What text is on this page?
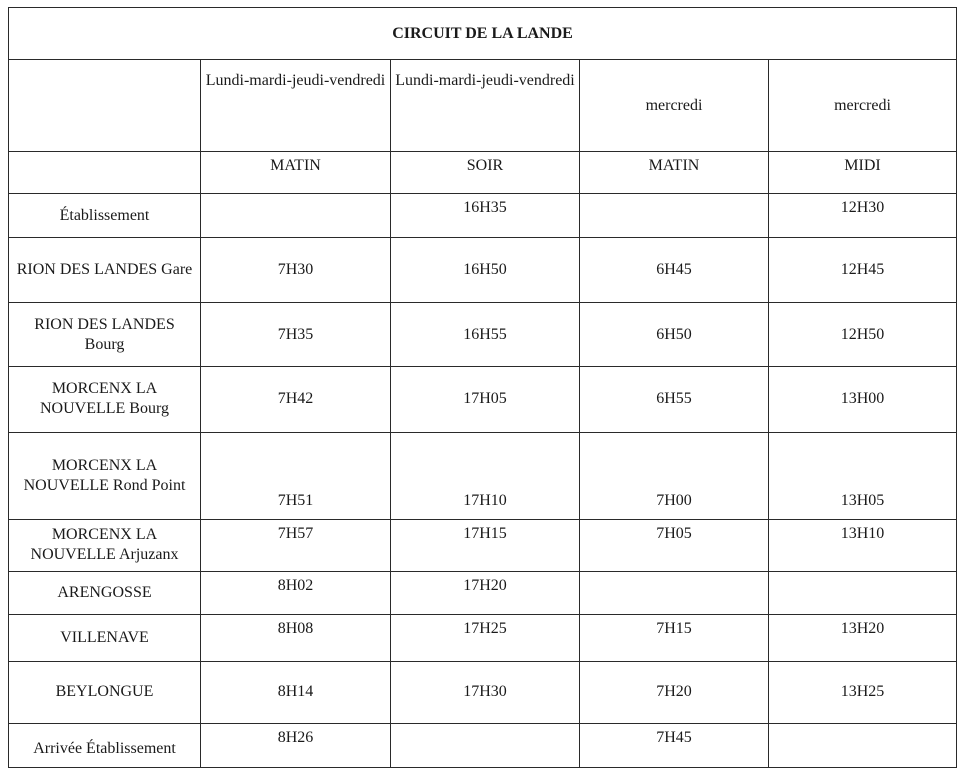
CIRCUIT DE LA LANDE				
	Lundi-mardi-jeudi-vendredi	Lundi-mardi-jeudi-vendredi	mercredi	mercredi
	MATIN	SOIR	MATIN	MIDI
Établissement		16H35		12H30
RION DES LANDES Gare	7H30	16H50	6H45	12H45
RION DES LANDES Bourg	7H35	16H55	6H50	12H50
MORCENX LA NOUVELLE Bourg	7H42	17H05	6H55	13H00
MORCENX LA NOUVELLE Rond Point	7H51	17H10	7H00	13H05
MORCENX LA NOUVELLE Arjuzanx	7H57	17H15	7H05	13H10
ARENGOSSE	8H02	17H20		
VILLENAVE	8H08	17H25	7H15	13H20
BEYLONGUE	8H14	17H30	7H20	13H25
Arrivée Établissement	8H26		7H45	
